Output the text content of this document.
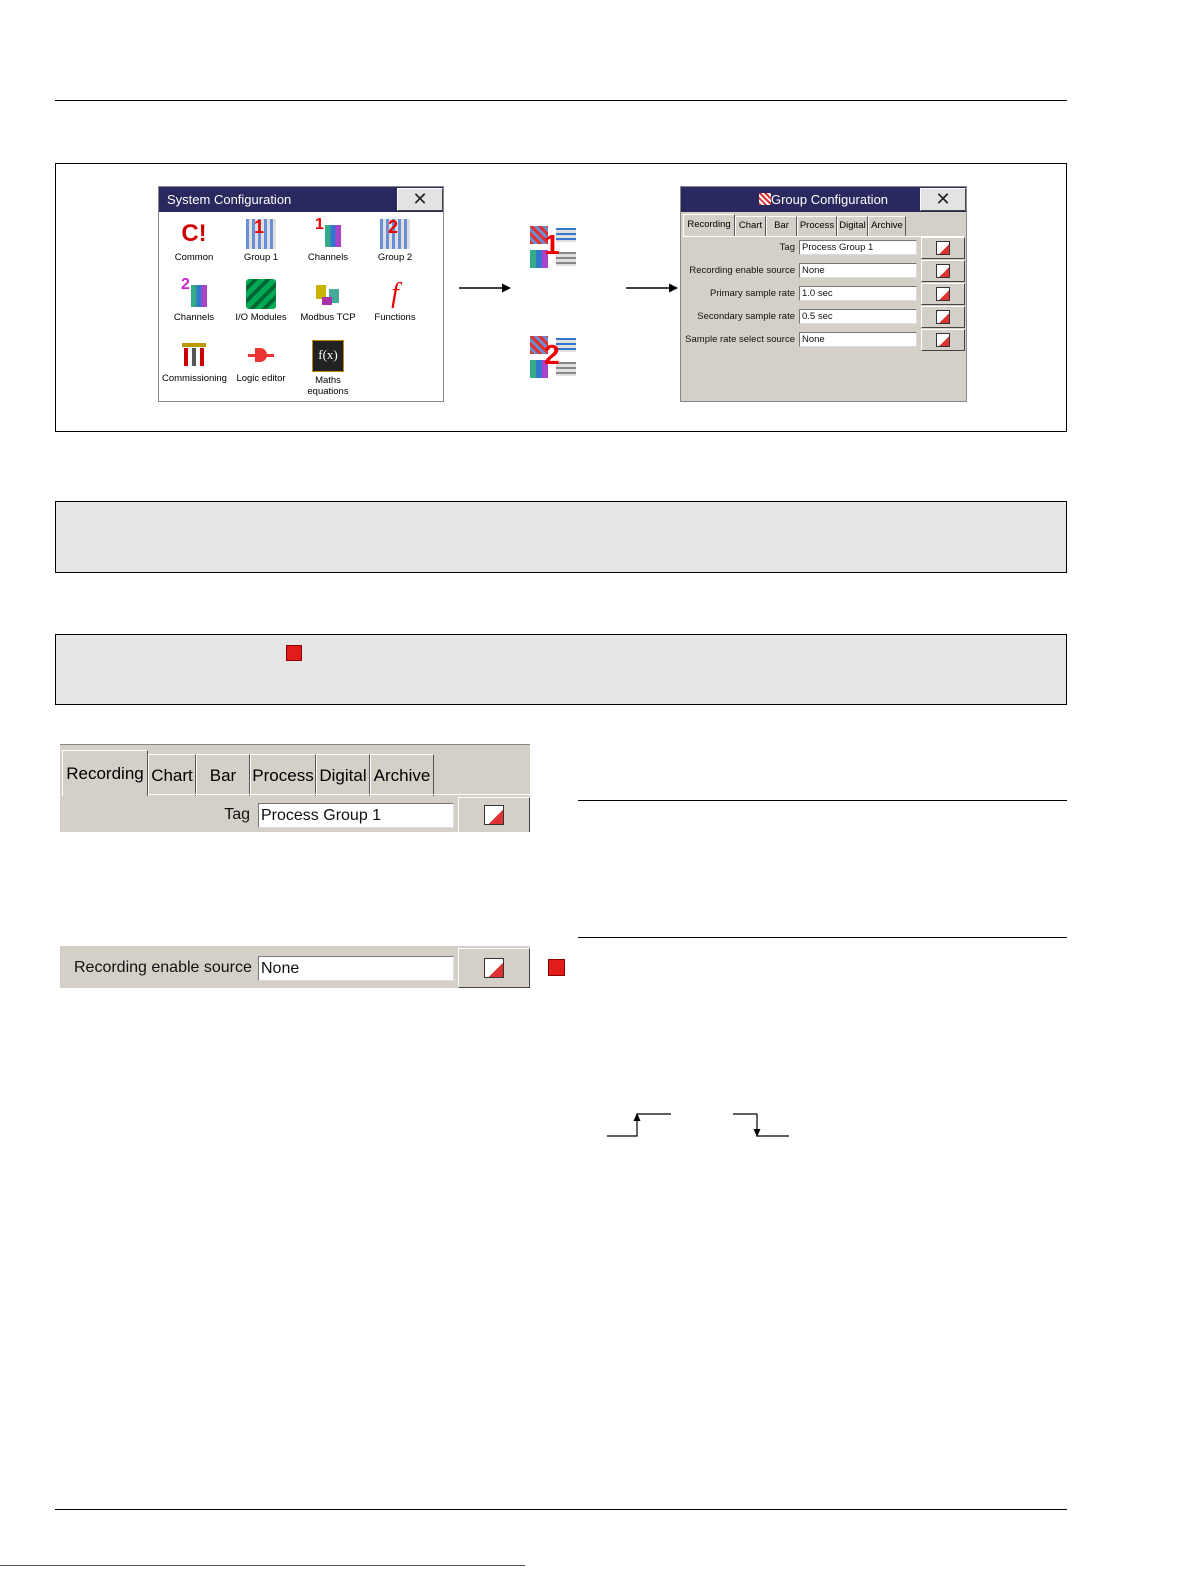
System Configuration	✕
C!
Common
1
Group 1
1
Channels
2
Group 2
2
Channels	I/O Modules	Modbus TCP
f
Functions
Commissioning	Logic editor
f(x)
Maths
equations
1
2
Group Configuration	✕
Recording Chart	Bar	Process Digital Archive
Tag Process Group 1
Recording enable source None
Primary sample rate 1.0 sec
Secondary sample rate 0.5 sec
Sample rate select source None
Recording Chart Bar Process Digital Archive
Tag Process Group 1
Recording enable source None
